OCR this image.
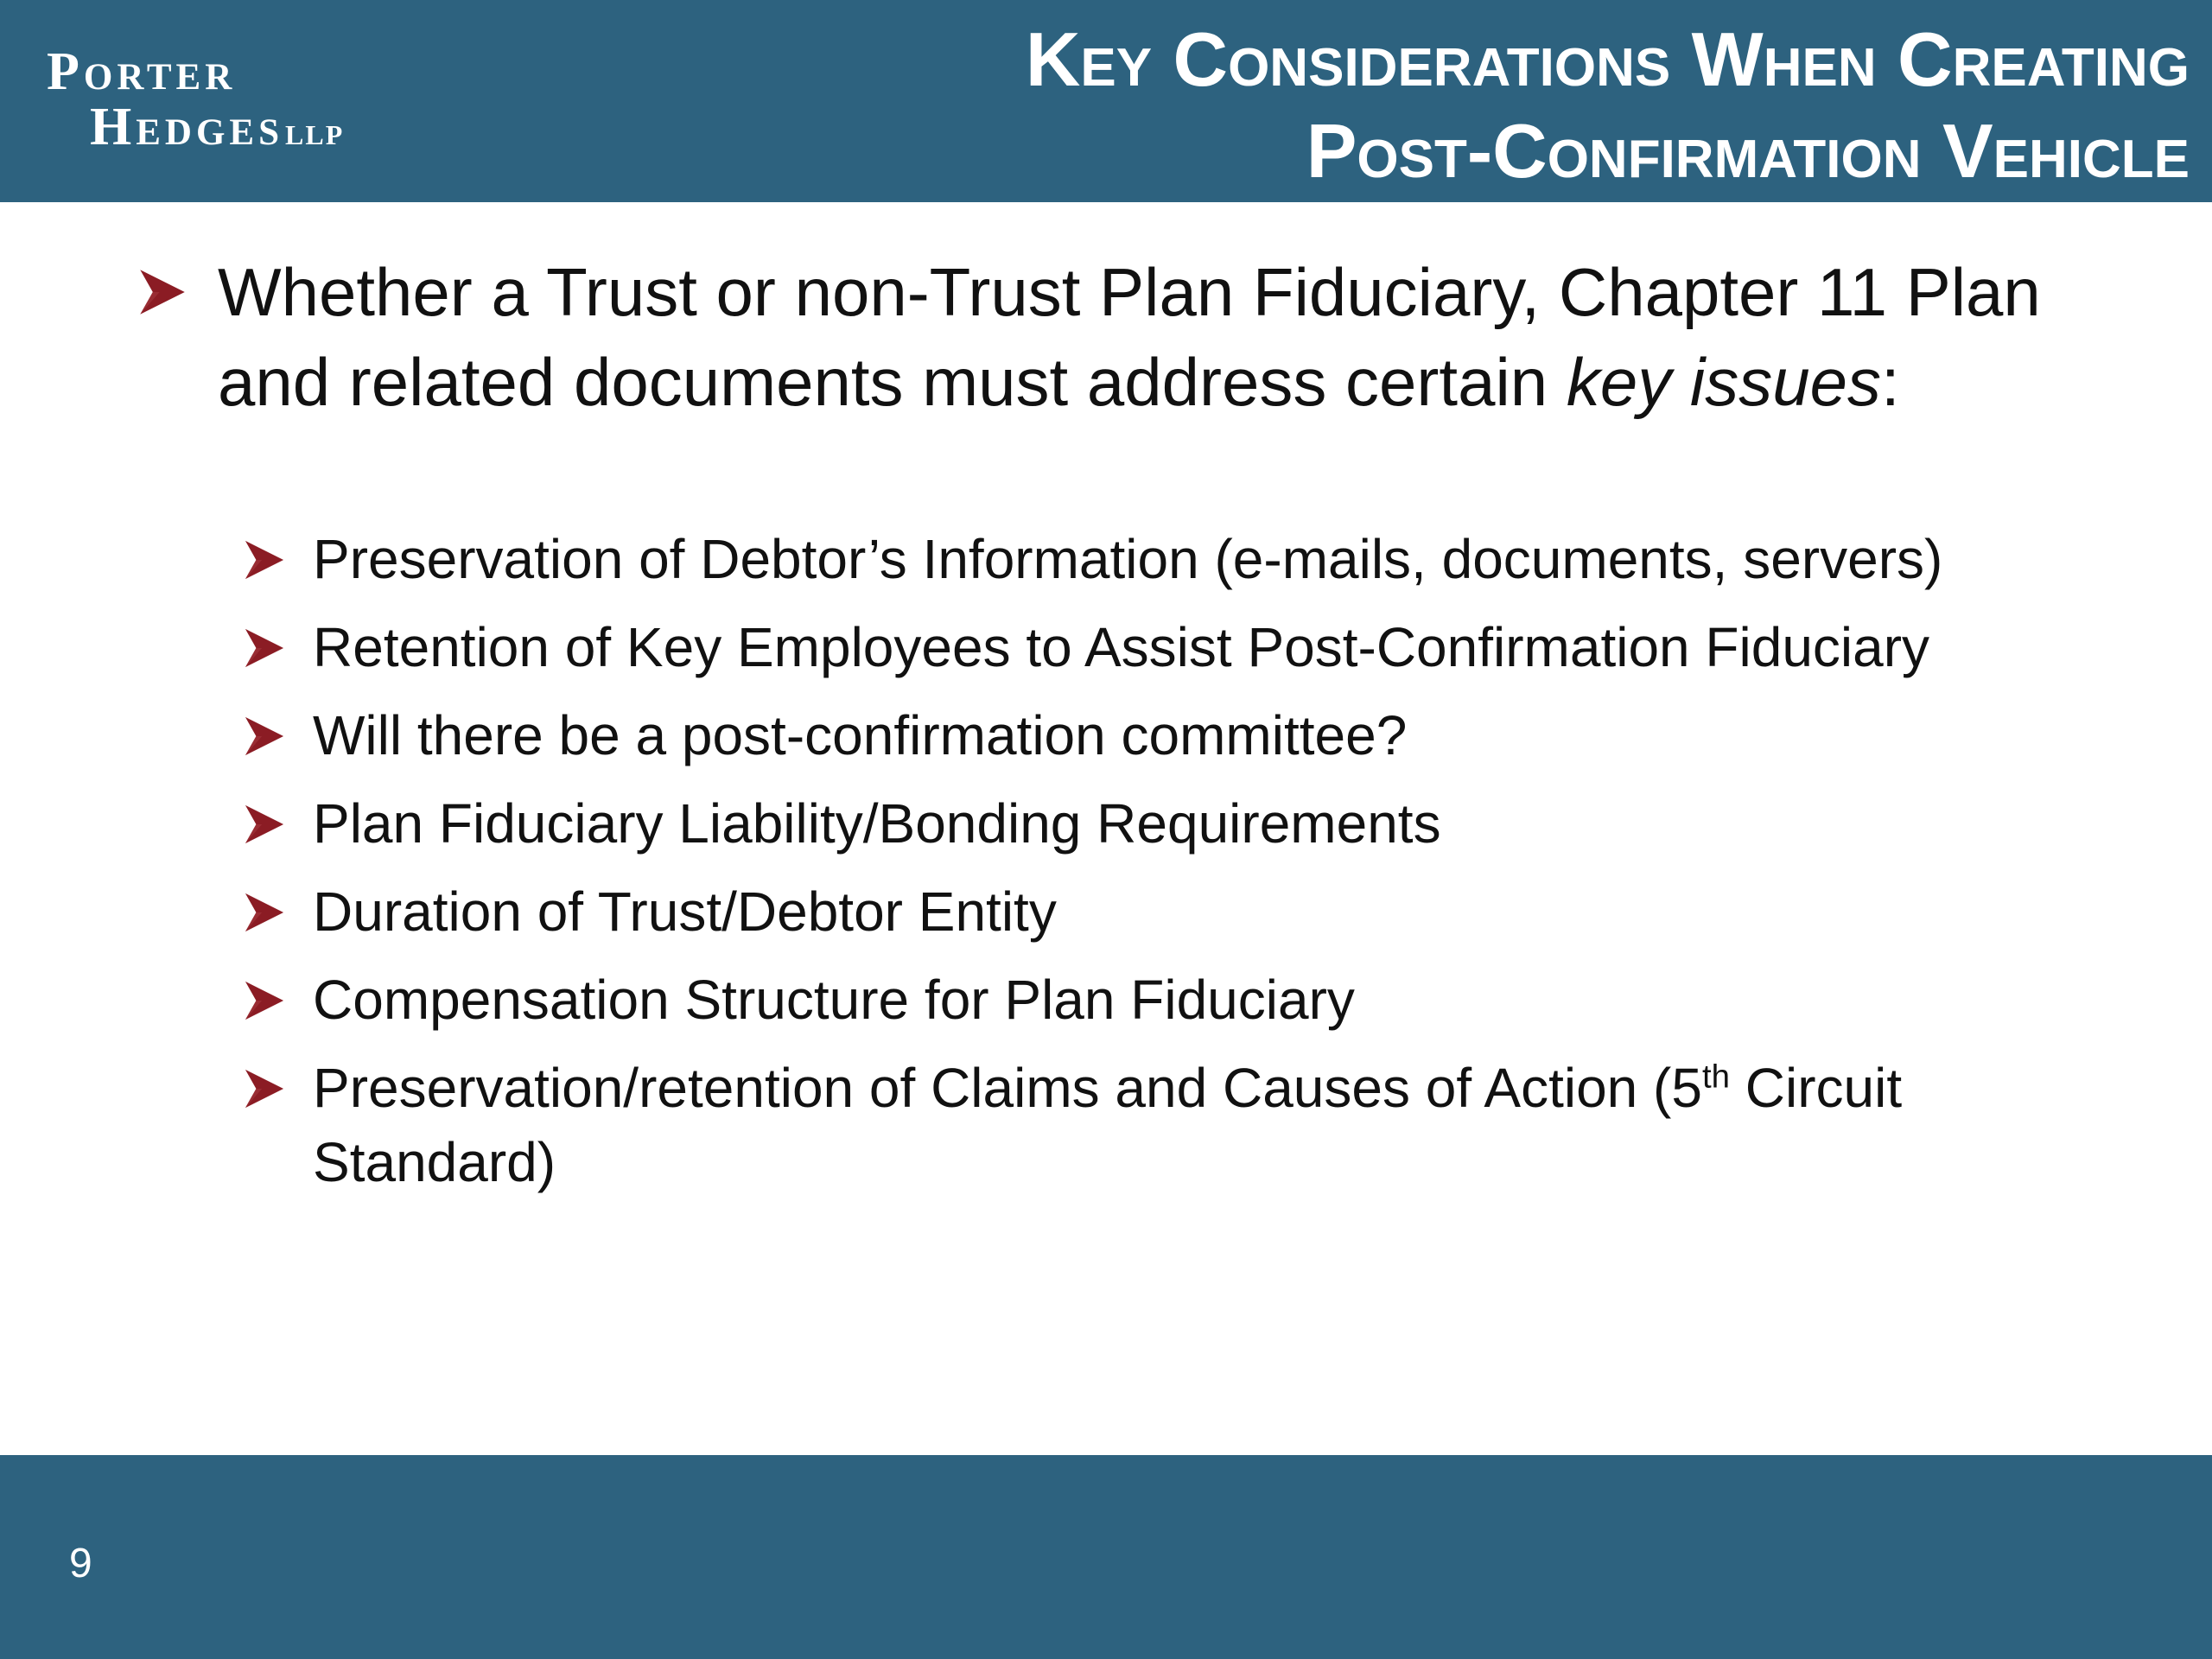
Porter
HedgesLLP
Key Considerations When Creating
Post-Confirmation Vehicle
Whether a Trust or non-Trust Plan Fiduciary, Chapter 11 Plan and related documents must address certain key issues:
Preservation of Debtor’s Information (e-mails, documents, servers)
Retention of Key Employees to Assist Post-Confirmation Fiduciary
Will there be a post-confirmation committee?
Plan Fiduciary Liability/Bonding Requirements
Duration of Trust/Debtor Entity
Compensation Structure for Plan Fiduciary
Preservation/retention of Claims and Causes of Action (5th Circuit Standard)
9
